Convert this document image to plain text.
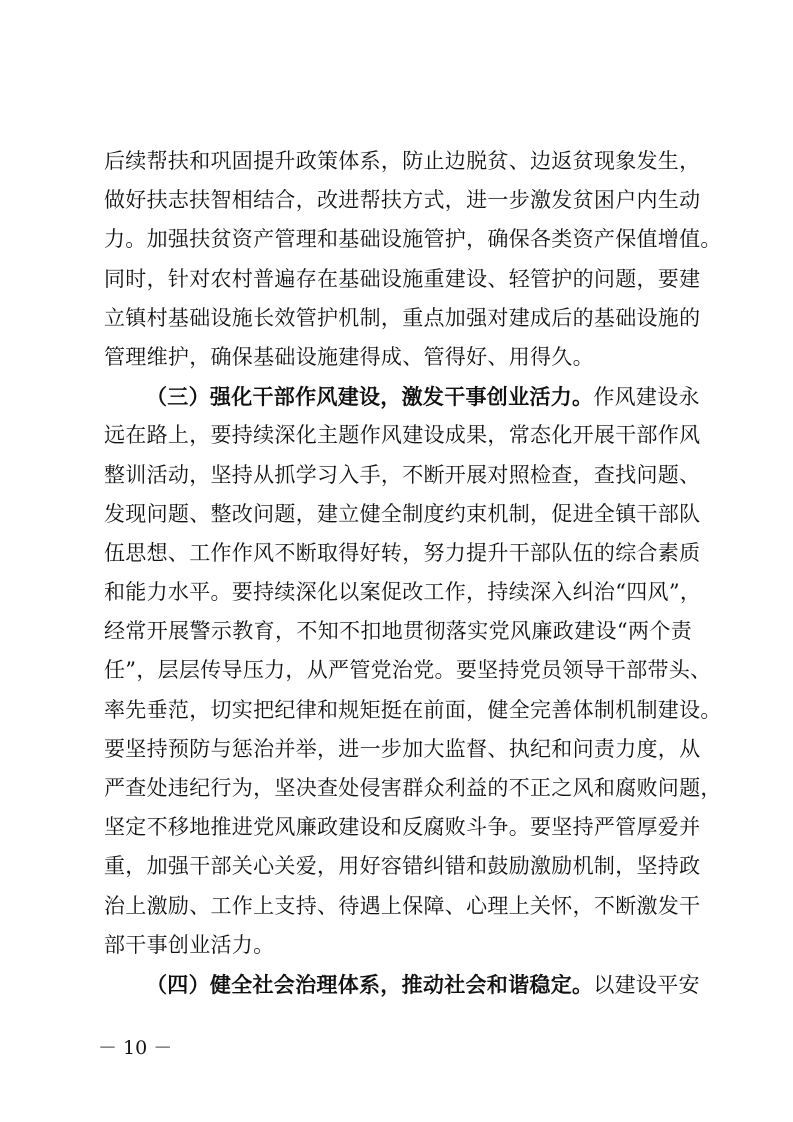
后续帮扶和巩固提升政策体系，防止边脱贫、边返贫现象发生，
做好扶志扶智相结合，改进帮扶方式，进一步激发贫困户内生动
力。加强扶贫资产管理和基础设施管护，确保各类资产保值增值。
同时，针对农村普遍存在基础设施重建设、轻管护的问题，要建
立镇村基础设施长效管护机制，重点加强对建成后的基础设施的
管理维护，确保基础设施建得成、管得好、用得久。
（三）强化干部作风建设，激发干事创业活力。作风建设永
远在路上，要持续深化主题作风建设成果，常态化开展干部作风
整训活动，坚持从抓学习入手，不断开展对照检查，查找问题、
发现问题、整改问题，建立健全制度约束机制，促进全镇干部队
伍思想、工作作风不断取得好转，努力提升干部队伍的综合素质
和能力水平。要持续深化以案促改工作，持续深入纠治“四风”，
经常开展警示教育，不知不扣地贯彻落实党风廉政建设“两个责
任”，层层传导压力，从严管党治党。要坚持党员领导干部带头、
率先垂范，切实把纪律和规矩挺在前面，健全完善体制机制建设。
要坚持预防与惩治并举，进一步加大监督、执纪和问责力度，从
严查处违纪行为，坚决查处侵害群众利益的不正之风和腐败问题，
坚定不移地推进党风廉政建设和反腐败斗争。要坚持严管厚爱并
重，加强干部关心关爱，用好容错纠错和鼓励激励机制，坚持政
治上激励、工作上支持、待遇上保障、心理上关怀，不断激发干
部干事创业活力。
（四）健全社会治理体系，推动社会和谐稳定。以建设平安
－ 10 －
